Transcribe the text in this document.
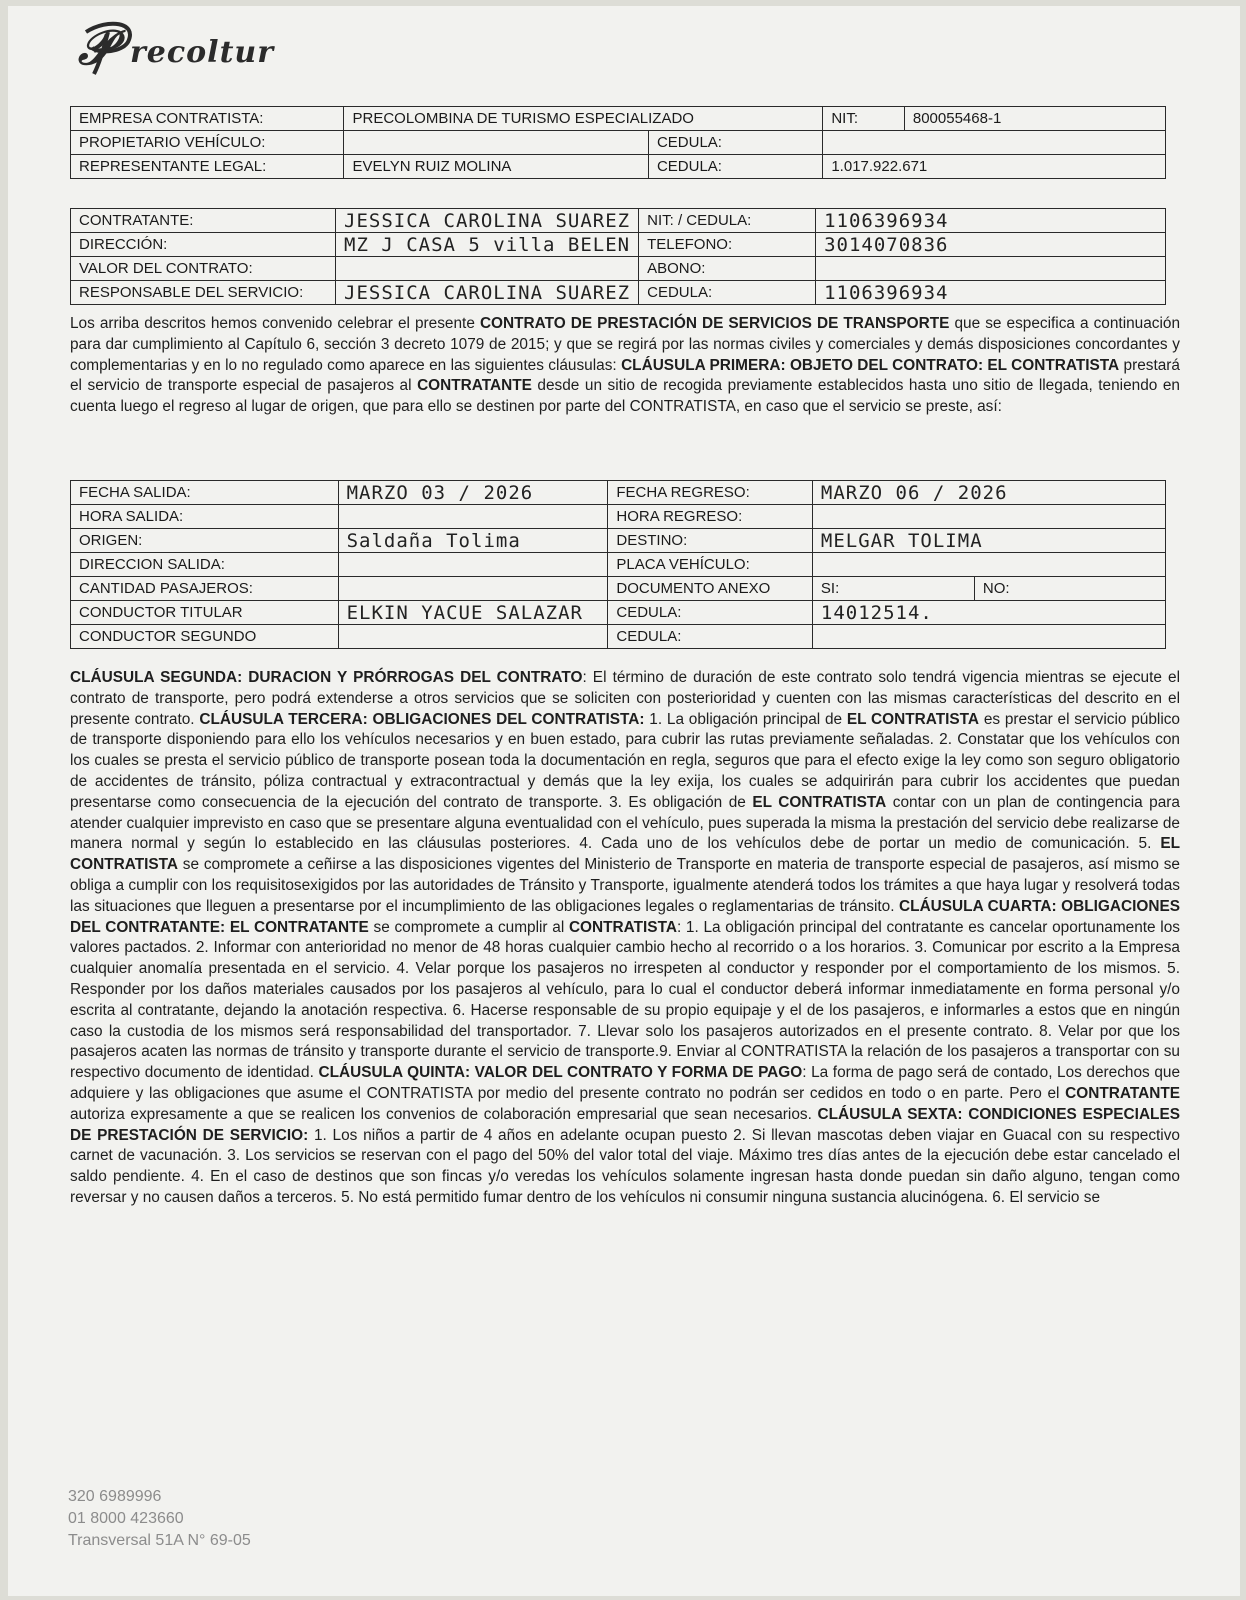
𝒫 recoltur
EMPRESA CONTRATISTA:	PRECOLOMBINA DE TURISMO ESPECIALIZADO		NIT:	800055468-1
PROPIETARIO VEHÍCULO:		CEDULA:		
REPRESENTANTE LEGAL:	EVELYN RUIZ MOLINA	CEDULA:	1.017.922.671	
CONTRATANTE:	JESSICA CAROLINA SUAREZ	NIT: / CEDULA:	1106396934
DIRECCIÓN:	MZ J CASA 5 villa BELEN	TELEFONO:	3014070836
VALOR DEL CONTRATO:		ABONO:	
RESPONSABLE DEL SERVICIO:	JESSICA CAROLINA SUAREZ	CEDULA:	1106396934
Los arriba descritos hemos convenido celebrar el presente CONTRATO DE PRESTACIÓN DE SERVICIOS DE TRANSPORTE que se especifica a continuación para dar cumplimiento al Capítulo 6, sección 3 decreto 1079 de 2015; y que se regirá por las normas civiles y comerciales y demás disposiciones concordantes y complementarias y en lo no regulado como aparece en las siguientes cláusulas: CLÁUSULA PRIMERA: OBJETO DEL CONTRATO: EL CONTRATISTA prestará el servicio de transporte especial de pasajeros al CONTRATANTE desde un sitio de recogida previamente establecidos hasta uno sitio de llegada, teniendo en cuenta luego el regreso al lugar de origen, que para ello se destinen por parte del CONTRATISTA, en caso que el servicio se preste, así:
FECHA SALIDA:	MARZO 03 / 2026	FECHA REGRESO:	MARZO 06 / 2026	
HORA SALIDA:		HORA REGRESO:		
ORIGEN:	Saldaña Tolima	DESTINO:	MELGAR TOLIMA	
DIRECCION SALIDA:		PLACA VEHÍCULO:		
CANTIDAD PASAJEROS:		DOCUMENTO ANEXO	SI:	NO:
CONDUCTOR TITULAR	ELKIN YACUE SALAZAR	CEDULA:	14012514.	
CONDUCTOR SEGUNDO		CEDULA:		
CLÁUSULA SEGUNDA: DURACION Y PRÓRROGAS DEL CONTRATO: El término de duración de este contrato solo tendrá vigencia mientras se ejecute el contrato de transporte, pero podrá extenderse a otros servicios que se soliciten con posterioridad y cuenten con las mismas características del descrito en el presente contrato. CLÁUSULA TERCERA: OBLIGACIONES DEL CONTRATISTA: 1. La obligación principal de EL CONTRATISTA es prestar el servicio público de transporte disponiendo para ello los vehículos necesarios y en buen estado, para cubrir las rutas previamente señaladas. 2. Constatar que los vehículos con los cuales se presta el servicio público de transporte posean toda la documentación en regla, seguros que para el efecto exige la ley como son seguro obligatorio de accidentes de tránsito, póliza contractual y extracontractual y demás que la ley exija, los cuales se adquirirán para cubrir los accidentes que puedan presentarse como consecuencia de la ejecución del contrato de transporte. 3. Es obligación de EL CONTRATISTA contar con un plan de contingencia para atender cualquier imprevisto en caso que se presentare alguna eventualidad con el vehículo, pues superada la misma la prestación del servicio debe realizarse de manera normal y según lo establecido en las cláusulas posteriores. 4. Cada uno de los vehículos debe de portar un medio de comunicación. 5. EL CONTRATISTA se compromete a ceñirse a las disposiciones vigentes del Ministerio de Transporte en materia de transporte especial de pasajeros, así mismo se obliga a cumplir con los requisitosexigidos por las autoridades de Tránsito y Transporte, igualmente atenderá todos los trámites a que haya lugar y resolverá todas las situaciones que lleguen a presentarse por el incumplimiento de las obligaciones legales o reglamentarias de tránsito. CLÁUSULA CUARTA: OBLIGACIONES DEL CONTRATANTE: EL CONTRATANTE se compromete a cumplir al CONTRATISTA: 1. La obligación principal del contratante es cancelar oportunamente los valores pactados. 2. Informar con anterioridad no menor de 48 horas cualquier cambio hecho al recorrido o a los horarios. 3. Comunicar por escrito a la Empresa cualquier anomalía presentada en el servicio. 4. Velar porque los pasajeros no irrespeten al conductor y responder por el comportamiento de los mismos. 5. Responder por los daños materiales causados por los pasajeros al vehículo, para lo cual el conductor deberá informar inmediatamente en forma personal y/o escrita al contratante, dejando la anotación respectiva. 6. Hacerse responsable de su propio equipaje y el de los pasajeros, e informarles a estos que en ningún caso la custodia de los mismos será responsabilidad del transportador. 7. Llevar solo los pasajeros autorizados en el presente contrato. 8. Velar por que los pasajeros acaten las normas de tránsito y transporte durante el servicio de transporte.9. Enviar al CONTRATISTA la relación de los pasajeros a transportar con su respectivo documento de identidad. CLÁUSULA QUINTA: VALOR DEL CONTRATO Y FORMA DE PAGO: La forma de pago será de contado, Los derechos que adquiere y las obligaciones que asume el CONTRATISTA por medio del presente contrato no podrán ser cedidos en todo o en parte. Pero el CONTRATANTE autoriza expresamente a que se realicen los convenios de colaboración empresarial que sean necesarios. CLÁUSULA SEXTA: CONDICIONES ESPECIALES DE PRESTACIÓN DE SERVICIO: 1. Los niños a partir de 4 años en adelante ocupan puesto 2. Si llevan mascotas deben viajar en Guacal con su respectivo carnet de vacunación. 3. Los servicios se reservan con el pago del 50% del valor total del viaje. Máximo tres días antes de la ejecución debe estar cancelado el saldo pendiente. 4. En el caso de destinos que son fincas y/o veredas los vehículos solamente ingresan hasta donde puedan sin daño alguno, tengan como reversar y no causen daños a terceros. 5. No está permitido fumar dentro de los vehículos ni consumir ninguna sustancia alucinógena. 6. El servicio se
320 6989996
01 8000 423660
Transversal 51A N° 69-05
